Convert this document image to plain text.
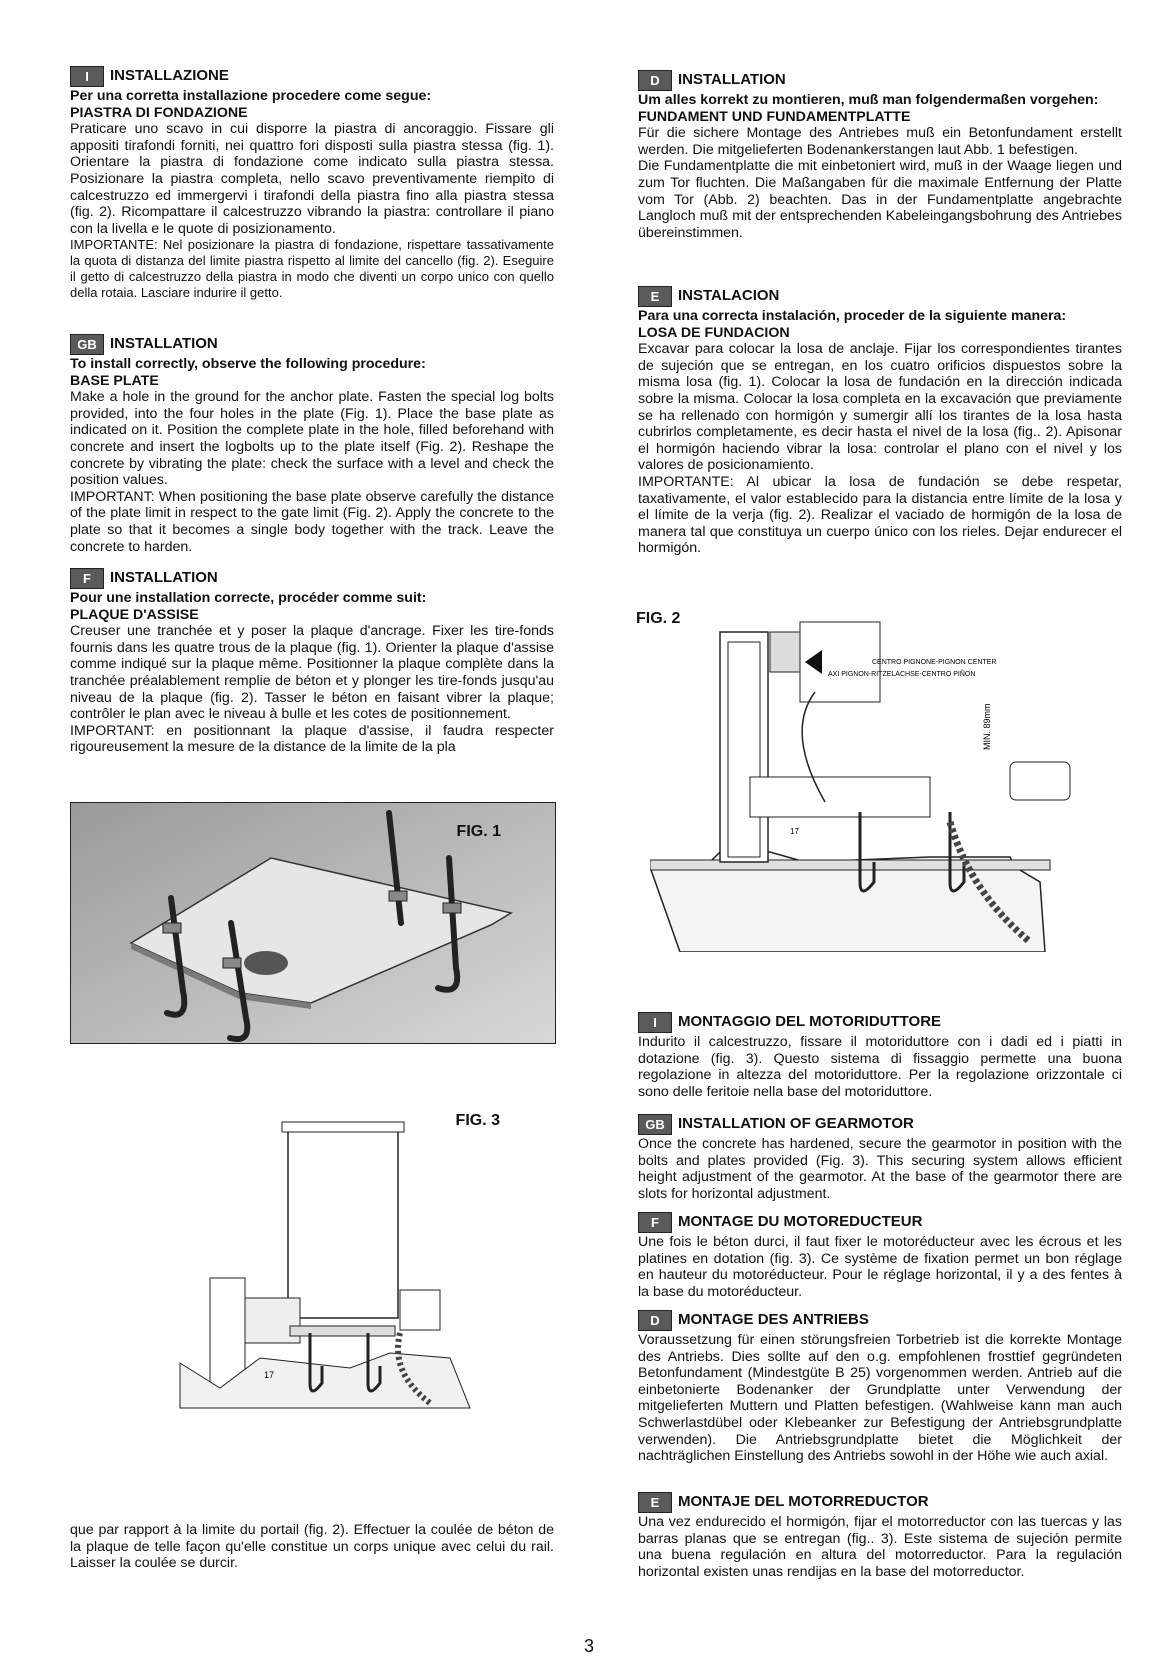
I	INSTALLAZIONE
Per una corretta installazione procedere come segue:
PIASTRA DI FONDAZIONE

Praticare uno scavo in cui disporre la piastra di ancoraggio. Fissare gli appositi tirafondi forniti, nei quattro fori disposti sulla piastra stessa (fig. 1). Orientare la piastra di fondazione come indicato sulla piastra stessa. Posizionare la piastra completa, nello scavo preventivamente riempito di calcestruzzo ed immergervi i tirafondi della piastra fino alla piastra stessa (fig. 2). Ricompattare il calcestruzzo vibrando la piastra: controllare il piano con la livella e le quote di posizionamento.

IMPORTANTE: Nel posizionare la piastra di fondazione, rispettare tassativamente la quota di distanza del limite piastra rispetto al limite del cancello (fig. 2). Eseguire il getto di calcestruzzo della piastra in modo che diventi un corpo unico con quello della rotaia. Lasciare indurire il getto.

GB INSTALLATION
To install correctly, observe the following procedure:
BASE PLATE

Make a hole in the ground for the anchor plate. Fasten the special log bolts provided, into the four holes in the plate (Fig. 1). Place the base plate as indicated on it. Position the complete plate in the hole, filled beforehand with concrete and insert the logbolts up to the plate itself (Fig. 2). Reshape the concrete by vibrating the plate: check the surface with a level and check the position values.

IMPORTANT: When positioning the base plate observe carefully the distance of the plate limit in respect to the gate limit (Fig. 2). Apply the concrete to the plate so that it becomes a single body together with the track. Leave the concrete to harden.

F	INSTALLATION
Pour une installation correcte, procéder comme suit:
PLAQUE D'ASSISE

Creuser une tranchée et y poser la plaque d'ancrage. Fixer les tire-fonds fournis dans les quatre trous de la plaque (fig. 1). Orienter la plaque d'assise comme indiqué sur la plaque même. Positionner la plaque complète dans la tranchée préalablement remplie de béton et y plonger les tire-fonds jusqu'au niveau de la plaque (fig. 2). Tasser le béton en faisant vibrer la plaque; contrôler le plan avec le niveau à bulle et les cotes de positionnement.

IMPORTANT: en positionnant la plaque d'assise, il faudra respecter rigoureusement la mesure de la distance de la limite de la pla

FIG. 1
17
FIG. 3

que par rapport à la limite du portail (fig. 2). Effectuer la coulée de béton de la plaque de telle façon qu'elle constitue un corps unique avec celui du rail. Laisser la coulée se durcir.

D	INSTALLATION
Um alles korrekt zu montieren, muß man folgendermaßen vorgehen:
FUNDAMENT UND FUNDAMENTPLATTE

Für die sichere Montage des Antriebes muß ein Betonfundament erstellt werden. Die mitgelieferten Bodenankerstangen laut Abb. 1 befestigen.

Die Fundamentplatte die mit einbetoniert wird, muß in der Waage liegen und zum Tor fluchten. Die Maßangaben für die maximale Entfernung der Platte vom Tor (Abb. 2) beachten. Das in der Fundamentplatte angebrachte Langloch muß mit der entsprechenden Kabeleingangsbohrung des Antriebes übereinstimmen.

E	INSTALACION
Para una correcta instalación, proceder de la siguiente manera:
LOSA DE FUNDACION

Excavar para colocar la losa de anclaje. Fijar los correspondientes tirantes de sujeción que se entregan, en los cuatro orificios dispuestos sobre la misma losa (fig. 1). Colocar la losa de fundación en la dirección indicada sobre la misma. Colocar la losa completa en la excavación que previamente se ha rellenado con hormigón y sumergir allí los tirantes de la losa hasta cubrirlos completamente, es decir hasta el nivel de la losa (fig.. 2). Apisonar el hormigón haciendo vibrar la losa: controlar el plano con el nivel y los valores de posicionamiento.

IMPORTANTE: Al ubicar la losa de fundación se debe respetar, taxativamente, el valor establecido para la distancia entre límite de la losa y el límite de la verja (fig. 2). Realizar el vaciado de hormigón de la losa de manera tal que constituya un cuerpo único con los rieles. Dejar endurecer el hormigón.

CENTRO PIGNONE-PIGNON CENTER
AXI PIGNON-RITZELACHSE-CENTRO PIÑON
MIN. 89mm
17
FIG. 2
I	MONTAGGIO DEL MOTORIDUTTORE

Indurito il calcestruzzo, fissare il motoriduttore con i dadi ed i piatti in dotazione (fig. 3). Questo sistema di fissaggio permette una buona regolazione in altezza del motoriduttore. Per la regolazione orizzontale ci sono delle feritoie nella base del motoriduttore.

GB INSTALLATION OF GEARMOTOR

Once the concrete has hardened, secure the gearmotor in position with the bolts and plates provided (Fig. 3). This securing system allows efficient height adjustment of the gearmotor. At the base of the gearmotor there are slots for horizontal adjustment.

F	MONTAGE DU MOTOREDUCTEUR

Une fois le béton durci, il faut fixer le motoréducteur avec les écrous et les platines en dotation (fig. 3). Ce système de fixation permet un bon réglage en hauteur du motoréducteur. Pour le réglage horizontal, il y a des fentes à la base du motoréducteur.

D	MONTAGE DES ANTRIEBS

Voraussetzung für einen störungsfreien Torbetrieb ist die korrekte Montage des Antriebs. Dies sollte auf den o.g. empfohlenen frosttief gegründeten Betonfundament (Mindestgüte B 25) vorgenommen werden. Antrieb auf die einbetonierte Bodenanker der Grundplatte unter Verwendung der mitgelieferten Muttern und Platten befestigen. (Wahlweise kann man auch Schwerlastdübel oder Klebeanker zur Befestigung der Antriebsgrundplatte verwenden). Die Antriebsgrundplatte bietet die Möglichkeit der nachträglichen Einstellung des Antriebs sowohl in der Höhe wie auch axial.

E	MONTAJE DEL MOTORREDUCTOR

Una vez endurecido el hormigón, fijar el motorreductor con las tuercas y las barras planas que se entregan (fig.. 3). Este sistema de sujeción permite una buena regulación en altura del motorreductor. Para la regulación horizontal existen unas rendijas en la base del motorreductor.

3
